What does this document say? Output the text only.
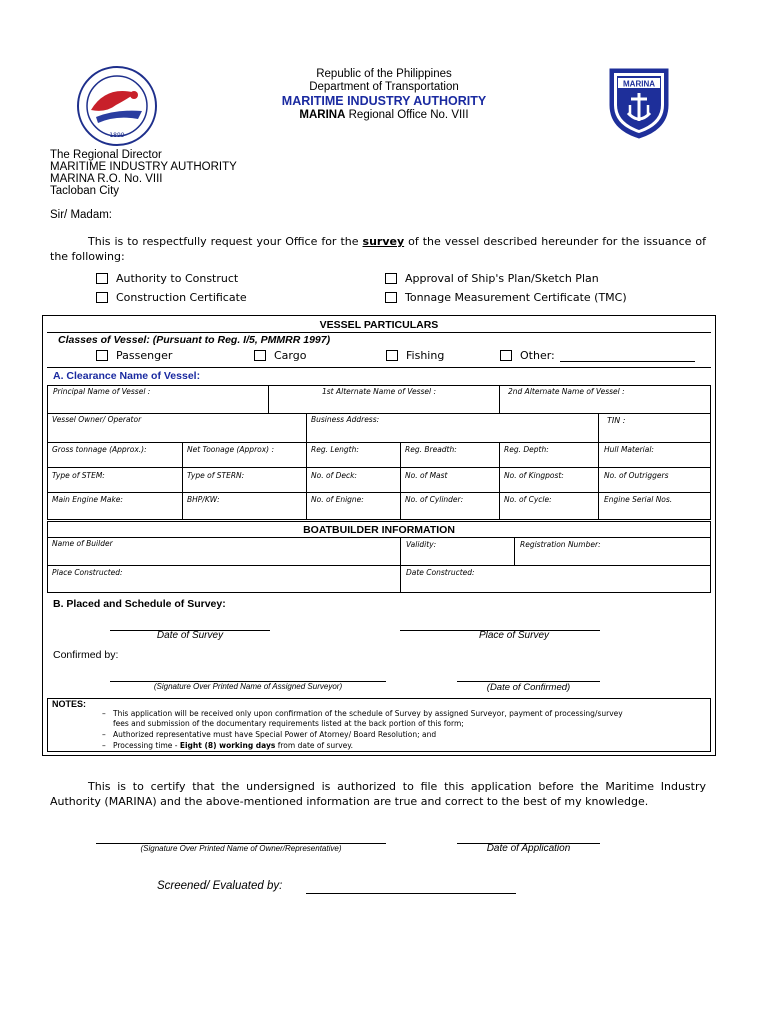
1899
Republic of the Philippines
Department of Transportation
MARITIME INDUSTRY AUTHORITY
MARINA Regional Office No. VIII
MARINA
The Regional Director
MARITIME INDUSTRY AUTHORITY
MARINA R.O. No. VIII
Tacloban City
Sir/ Madam:
This is to respectfully request your Office for the survey of the vessel described hereunder for the issuance of the following:
Authority to Construct
Construction Certificate
Approval of Ship's Plan/Sketch Plan
Tonnage Measurement Certificate (TMC)
VESSEL PARTICULARS
Classes of Vessel: (Pursuant to Reg. I/5, PMMRR 1997)
Passenger	Cargo	Fishing	Other:
A. Clearance Name of Vessel:
Principal Name of Vessel :	1st Alternate Name of Vessel :	2nd Alternate Name of Vessel :
Vessel Owner/ Operator	Business Address:	TIN :
Gross tonnage (Approx.):	Net Toonage (Approx) :	Reg. Length:	Reg. Breadth:	Reg. Depth:	Hull Material:
Type of STEM:	Type of STERN:	No. of Deck:	No. of Mast	No. of Kingpost:	No. of Outriggers
Main Engine Make:	BHP/KW:	No. of Enigne:	No. of Cylinder:	No. of Cycle:	Engine Serial Nos.
BOATBUILDER INFORMATION
Name of Builder	Validity:	Registration Number:
Place Constructed:	Date Constructed:
B. Placed and Schedule of Survey:
Date of Survey	Place of Survey
Confirmed by:
(Signature Over Printed Name of Assigned Surveyor)	(Date of Confirmed)
NOTES:
– This application will be received only upon confirmation of the schedule of Survey by assigned Surveyor, payment of processing/survey
fees and submission of the documentary requirements listed at the back portion of this form;
– Authorized representative must have Special Power of Atorney/ Board Resolution; and
– Processing time - Eight (8) working days from date of survey.
This is to certify that the undersigned is authorized to file this application before the Maritime Industry Authority (MARINA) and the above-mentioned information are true and correct to the best of my knowledge.
(Signature Over Printed Name of Owner/Representative)	Date of Application
Screened/ Evaluated by:
